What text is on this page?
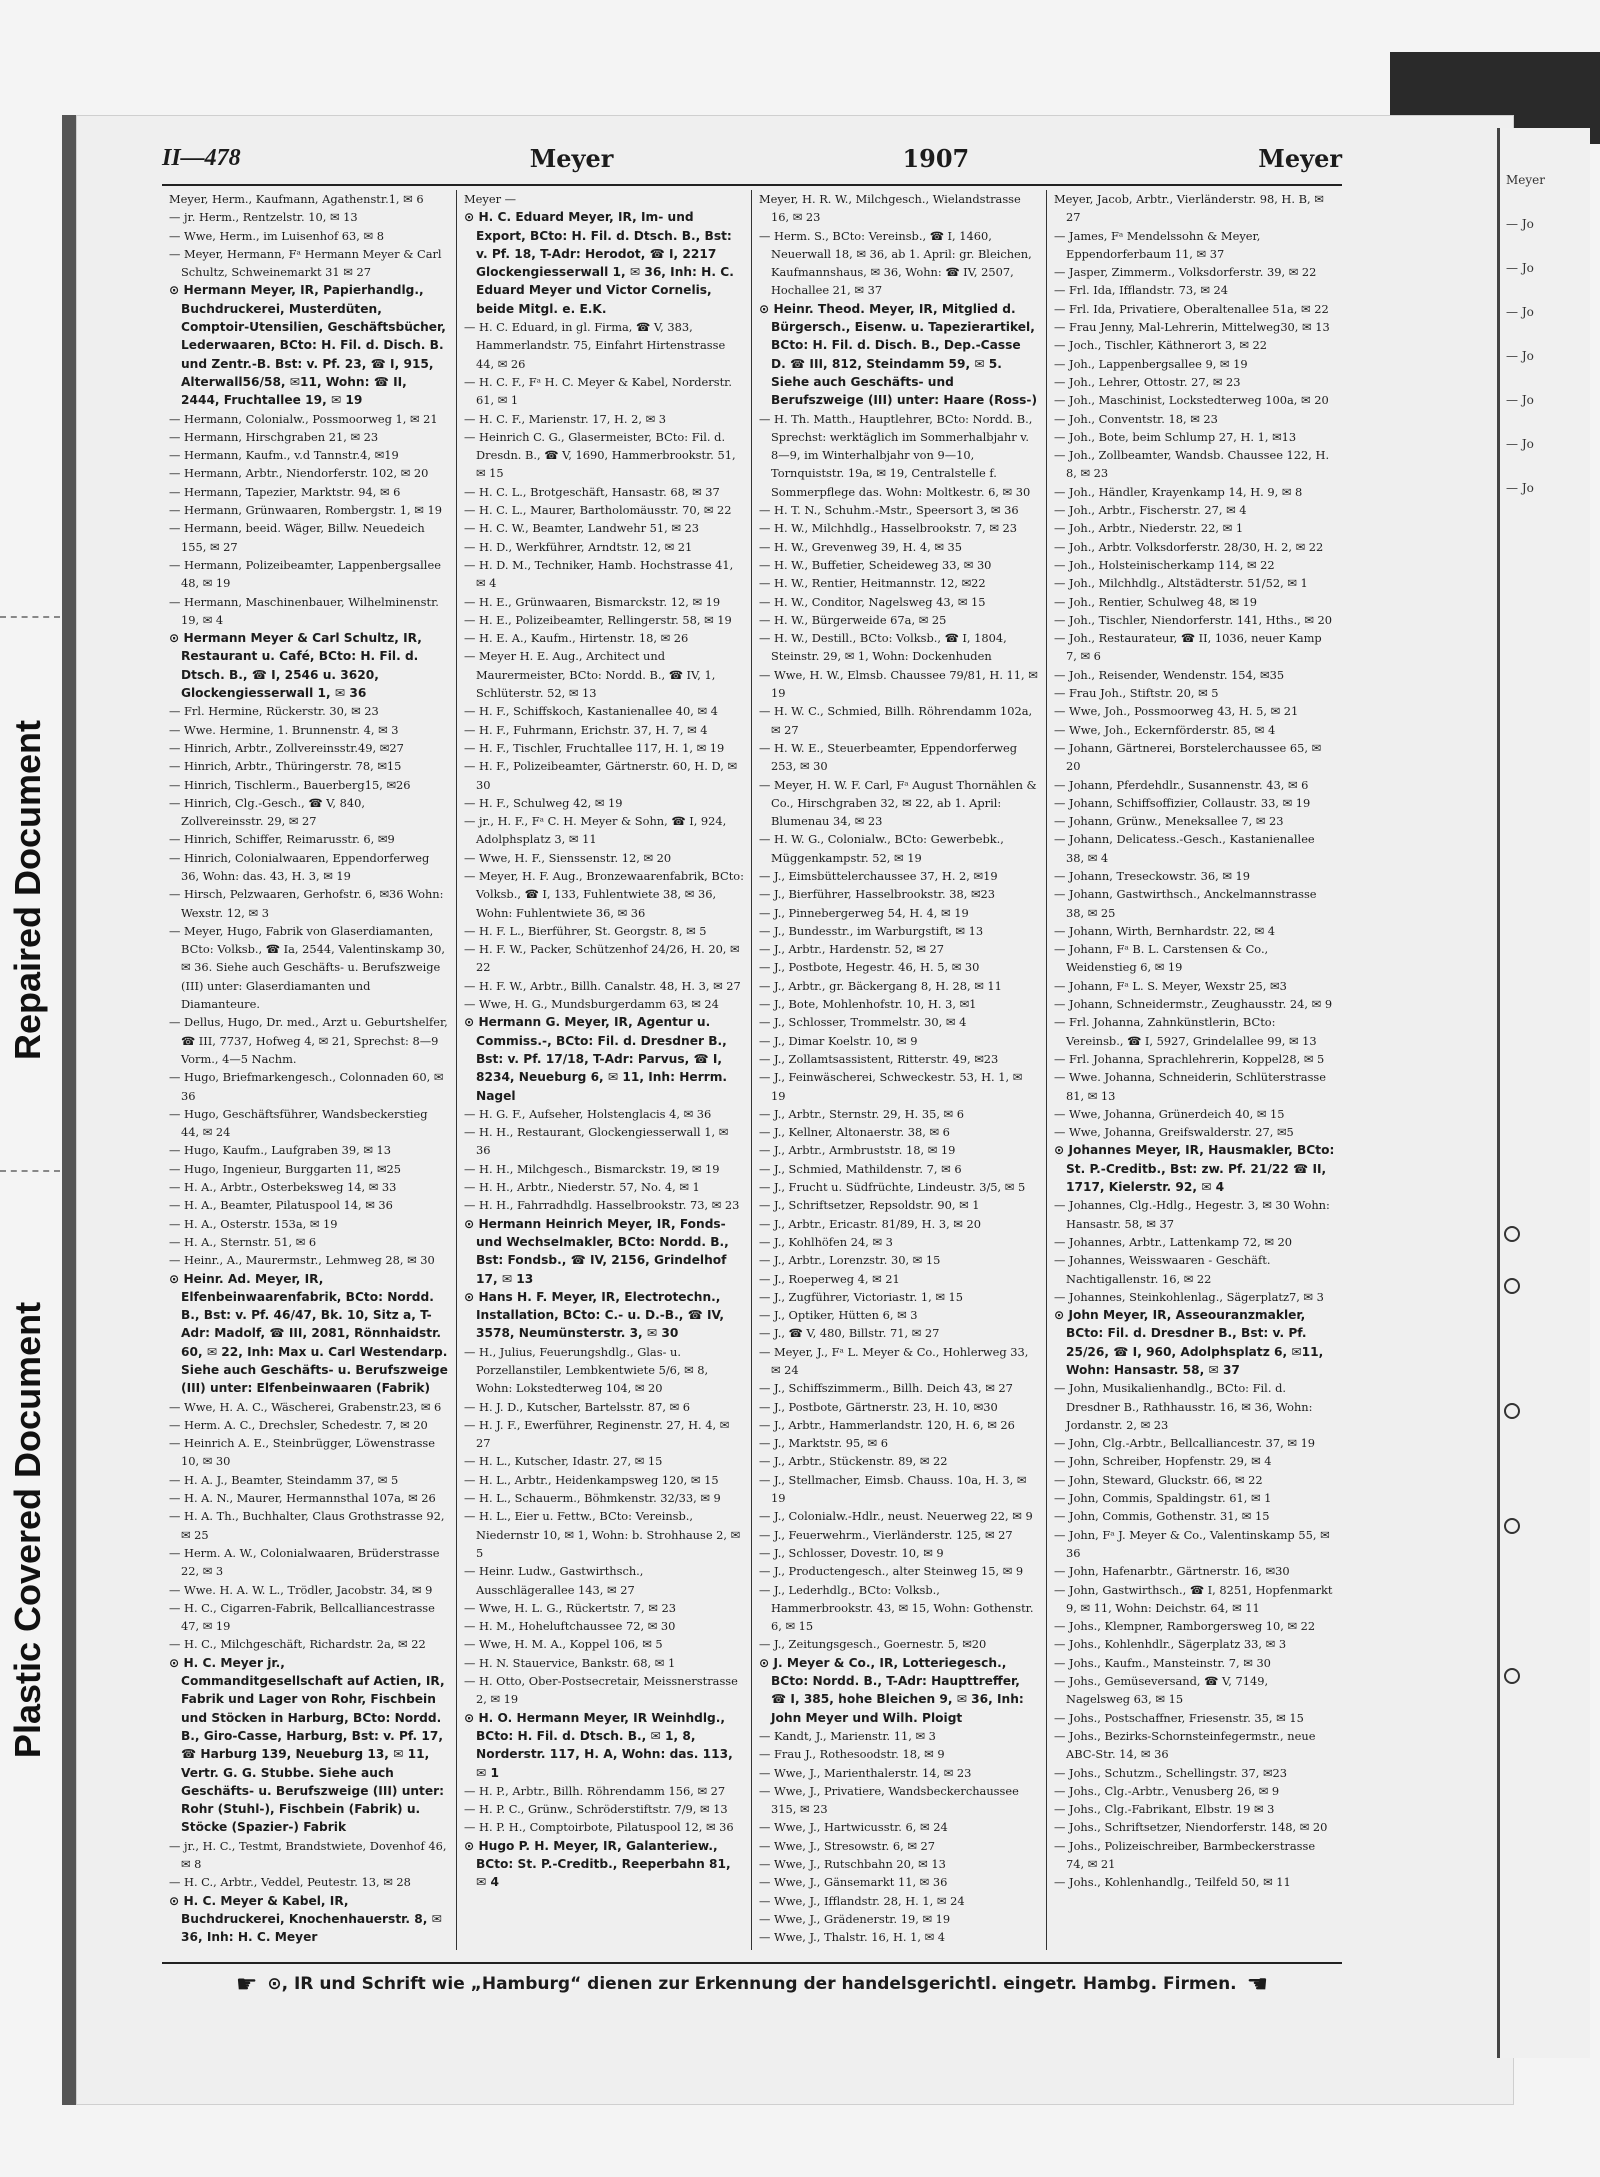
Repaired Document
Plastic Covered Document
Meyer
— Jo
— Jo
— Jo
— Jo
— Jo
— Jo
— Jo
II—478	Meyer	1907	Meyer

Meyer, Herm., Kaufmann, Agathenstr.1, ✉ 6

— jr. Herm., Rentzelstr. 10, ✉ 13

— Wwe, Herm., im Luisenhof 63, ✉ 8

— Meyer, Hermann, Fᵃ Hermann Meyer & Carl Schultz, Schweinemarkt 31 ✉ 27

⊙ Hermann Meyer, IR, Papierhandlg., Buchdruckerei, Musterdüten, Comptoir-Utensilien, Geschäftsbücher, Lederwaaren, BCto: H. Fil. d. Disch. B. und Zentr.-B. Bst: v. Pf. 23, ☎ I, 915, Alterwall56/58, ✉11, Wohn: ☎ II, 2444, Fruchtallee 19, ✉ 19

— Hermann, Colonialw., Possmoorweg 1, ✉ 21

— Hermann, Hirschgraben 21, ✉ 23

— Hermann, Kaufm., v.d Tannstr.4, ✉19

— Hermann, Arbtr., Niendorferstr. 102, ✉ 20

— Hermann, Tapezier, Marktstr. 94, ✉ 6

— Hermann, Grünwaaren, Rombergstr. 1, ✉ 19

— Hermann, beeid. Wäger, Billw. Neuedeich 155, ✉ 27

— Hermann, Polizeibeamter, Lappenbergsallee 48, ✉ 19

— Hermann, Maschinenbauer, Wilhelminenstr. 19, ✉ 4

⊙ Hermann Meyer & Carl Schultz, IR, Restaurant u. Café, BCto: H. Fil. d. Dtsch. B., ☎ I, 2546 u. 3620, Glockengiesserwall 1, ✉ 36

— Frl. Hermine, Rückerstr. 30, ✉ 23

— Wwe. Hermine, 1. Brunnenstr. 4, ✉ 3

— Hinrich, Arbtr., Zollvereinsstr.49, ✉27

— Hinrich, Arbtr., Thüringerstr. 78, ✉15

— Hinrich, Tischlerm., Bauerberg15, ✉26

— Hinrich, Clg.-Gesch., ☎ V, 840, Zollvereinsstr. 29, ✉ 27

— Hinrich, Schiffer, Reimarusstr. 6, ✉9

— Hinrich, Colonialwaaren, Eppendorferweg 36, Wohn: das. 43, H. 3, ✉ 19

— Hirsch, Pelzwaaren, Gerhofstr. 6, ✉36 Wohn: Wexstr. 12, ✉ 3

— Meyer, Hugo, Fabrik von Glaserdiamanten, BCto: Volksb., ☎ Ia, 2544, Valentinskamp 30, ✉ 36. Siehe auch Geschäfts- u. Berufszweige (III) unter: Glaserdiamanten und Diamanteure.

— Dellus, Hugo, Dr. med., Arzt u. Geburtshelfer, ☎ III, 7737, Hofweg 4, ✉ 21, Sprechst: 8—9 Vorm., 4—5 Nachm.

— Hugo, Briefmarkengesch., Colonnaden 60, ✉ 36

— Hugo, Geschäftsführer, Wandsbeckerstieg 44, ✉ 24

— Hugo, Kaufm., Laufgraben 39, ✉ 13

— Hugo, Ingenieur, Burggarten 11, ✉25

— H. A., Arbtr., Osterbeksweg 14, ✉ 33

— H. A., Beamter, Pilatuspool 14, ✉ 36

— H. A., Osterstr. 153a, ✉ 19

— H. A., Sternstr. 51, ✉ 6

— Heinr., A., Maurermstr., Lehmweg 28, ✉ 30

⊙ Heinr. Ad. Meyer, IR, Elfenbeinwaarenfabrik, BCto: Nordd. B., Bst: v. Pf. 46/47, Bk. 10, Sitz a, T-Adr: Madolf, ☎ III, 2081, Rönnhaidstr. 60, ✉ 22, Inh: Max u. Carl Westendarp. Siehe auch Geschäfts- u. Berufszweige (III) unter: Elfenbeinwaaren (Fabrik)

— Wwe, H. A. C., Wäscherei, Grabenstr.23, ✉ 6

— Herm. A. C., Drechsler, Schedestr. 7, ✉ 20

— Heinrich A. E., Steinbrügger, Löwenstrasse 10, ✉ 30

— H. A. J., Beamter, Steindamm 37, ✉ 5

— H. A. N., Maurer, Hermannsthal 107a, ✉ 26

— H. A. Th., Buchhalter, Claus Grothstrasse 92, ✉ 25

— Herm. A. W., Colonialwaaren, Brüderstrasse 22, ✉ 3

— Wwe. H. A. W. L., Trödler, Jacobstr. 34, ✉ 9

— H. C., Cigarren-Fabrik, Bellcalliancestrasse 47, ✉ 19

— H. C., Milchgeschäft, Richardstr. 2a, ✉ 22

⊙ H. C. Meyer jr., Commanditgesellschaft auf Actien, IR, Fabrik und Lager von Rohr, Fischbein und Stöcken in Harburg, BCto: Nordd. B., Giro-Casse, Harburg, Bst: v. Pf. 17, ☎ Harburg 139, Neueburg 13, ✉ 11, Vertr. G. G. Stubbe. Siehe auch Geschäfts- u. Berufszweige (III) unter: Rohr (Stuhl-), Fischbein (Fabrik) u. Stöcke (Spazier-) Fabrik

— jr., H. C., Testmt, Brandstwiete, Dovenhof 46, ✉ 8

— H. C., Arbtr., Veddel, Peutestr. 13, ✉ 28

⊙ H. C. Meyer & Kabel, IR, Buchdruckerei, Knochenhauerstr. 8, ✉ 36, Inh: H. C. Meyer

Meyer —

⊙ H. C. Eduard Meyer, IR, Im- und Export, BCto: H. Fil. d. Dtsch. B., Bst: v. Pf. 18, T-Adr: Herodot, ☎ I, 2217 Glockengiesserwall 1, ✉ 36, Inh: H. C. Eduard Meyer und Victor Cornelis, beide Mitgl. e. E.K.

— H. C. Eduard, in gl. Firma, ☎ V, 383, Hammerlandstr. 75, Einfahrt Hirtenstrasse 44, ✉ 26

— H. C. F., Fᵃ H. C. Meyer & Kabel, Norderstr. 61, ✉ 1

— H. C. F., Marienstr. 17, H. 2, ✉ 3

— Heinrich C. G., Glasermeister, BCto: Fil. d. Dresdn. B., ☎ V, 1690, Hammerbrookstr. 51, ✉ 15

— H. C. L., Brotgeschäft, Hansastr. 68, ✉ 37

— H. C. L., Maurer, Bartholomäusstr. 70, ✉ 22

— H. C. W., Beamter, Landwehr 51, ✉ 23

— H. D., Werkführer, Arndtstr. 12, ✉ 21

— H. D. M., Techniker, Hamb. Hochstrasse 41, ✉ 4

— H. E., Grünwaaren, Bismarckstr. 12, ✉ 19

— H. E., Polizeibeamter, Rellingerstr. 58, ✉ 19

— H. E. A., Kaufm., Hirtenstr. 18, ✉ 26

— Meyer H. E. Aug., Architect und Maurermeister, BCto: Nordd. B., ☎ IV, 1, Schlüterstr. 52, ✉ 13

— H. F., Schiffskoch, Kastanienallee 40, ✉ 4

— H. F., Fuhrmann, Erichstr. 37, H. 7, ✉ 4

— H. F., Tischler, Fruchtallee 117, H. 1, ✉ 19

— H. F., Polizeibeamter, Gärtnerstr. 60, H. D, ✉ 30

— H. F., Schulweg 42, ✉ 19

— jr., H. F., Fᵃ C. H. Meyer & Sohn, ☎ I, 924, Adolphsplatz 3, ✉ 11

— Wwe, H. F., Sienssenstr. 12, ✉ 20

— Meyer, H. F. Aug., Bronzewaarenfabrik, BCto: Volksb., ☎ I, 133, Fuhlentwiete 38, ✉ 36, Wohn: Fuhlentwiete 36, ✉ 36

— H. F. L., Bierführer, St. Georgstr. 8, ✉ 5

— H. F. W., Packer, Schützenhof 24/26, H. 20, ✉ 22

— H. F. W., Arbtr., Billh. Canalstr. 48, H. 3, ✉ 27

— Wwe, H. G., Mundsburgerdamm 63, ✉ 24

⊙ Hermann G. Meyer, IR, Agentur u. Commiss.-, BCto: Fil. d. Dresdner B., Bst: v. Pf. 17/18, T-Adr: Parvus, ☎ I, 8234, Neueburg 6, ✉ 11, Inh: Herrm. Nagel

— H. G. F., Aufseher, Holstenglacis 4, ✉ 36

— H. H., Restaurant, Glockengiesserwall 1, ✉ 36

— H. H., Milchgesch., Bismarckstr. 19, ✉ 19

— H. H., Arbtr., Niederstr. 57, No. 4, ✉ 1

— H. H., Fahrradhdlg. Hasselbrookstr. 73, ✉ 23

⊙ Hermann Heinrich Meyer, IR, Fonds- und Wechselmakler, BCto: Nordd. B., Bst: Fondsb., ☎ IV, 2156, Grindelhof 17, ✉ 13

⊙ Hans H. F. Meyer, IR, Electrotechn., Installation, BCto: C.- u. D.-B., ☎ IV, 3578, Neumünsterstr. 3, ✉ 30

— H., Julius, Feuerungshdlg., Glas- u. Porzellanstiler, Lembkentwiete 5/6, ✉ 8, Wohn: Lokstedterweg 104, ✉ 20

— H. J. D., Kutscher, Bartelsstr. 87, ✉ 6

— H. J. F., Ewerführer, Reginenstr. 27, H. 4, ✉ 27

— H. L., Kutscher, Idastr. 27, ✉ 15

— H. L., Arbtr., Heidenkampsweg 120, ✉ 15

— H. L., Schauerm., Böhmkenstr. 32/33, ✉ 9

— H. L., Eier u. Fettw., BCto: Vereinsb., Niedernstr 10, ✉ 1, Wohn: b. Strohhause 2, ✉ 5

— Heinr. Ludw., Gastwirthsch., Ausschlägerallee 143, ✉ 27

— Wwe, H. L. G., Rückertstr. 7, ✉ 23

— H. M., Hoheluftchaussee 72, ✉ 30

— Wwe, H. M. A., Koppel 106, ✉ 5

— H. N. Stauervice, Bankstr. 68, ✉ 1

— H. Otto, Ober-Postsecretair, Meissnerstrasse 2, ✉ 19

⊙ H. O. Hermann Meyer, IR Weinhdlg., BCto: H. Fil. d. Dtsch. B., ✉ 1, 8, Norderstr. 117, H. A, Wohn: das. 113, ✉ 1

— H. P., Arbtr., Billh. Röhrendamm 156, ✉ 27

— H. P. C., Grünw., Schröderstiftstr. 7/9, ✉ 13

— H. P. H., Comptoirbote, Pilatuspool 12, ✉ 36

⊙ Hugo P. H. Meyer, IR, Galanteriew., BCto: St. P.-Creditb., Reeperbahn 81, ✉ 4

Meyer, H. R. W., Milchgesch., Wielandstrasse 16, ✉ 23

— Herm. S., BCto: Vereinsb., ☎ I, 1460, Neuerwall 18, ✉ 36, ab 1. April: gr. Bleichen, Kaufmannshaus, ✉ 36, Wohn: ☎ IV, 2507, Hochallee 21, ✉ 37

⊙ Heinr. Theod. Meyer, IR, Mitglied d. Bürgersch., Eisenw. u. Tapezierartikel, BCto: H. Fil. d. Disch. B., Dep.-Casse D. ☎ III, 812, Steindamm 59, ✉ 5. Siehe auch Geschäfts- und Berufszweige (III) unter: Haare (Ross-)

— H. Th. Matth., Hauptlehrer, BCto: Nordd. B., Sprechst: werktäglich im Sommerhalbjahr v. 8—9, im Winterhalbjahr von 9—10, Tornquiststr. 19a, ✉ 19, Centralstelle f. Sommerpflege das. Wohn: Moltkestr. 6, ✉ 30

— H. T. N., Schuhm.-Mstr., Speersort 3, ✉ 36

— H. W., Milchhdlg., Hasselbrookstr. 7, ✉ 23

— H. W., Grevenweg 39, H. 4, ✉ 35

— H. W., Buffetier, Scheideweg 33, ✉ 30

— H. W., Rentier, Heitmannstr. 12, ✉22

— H. W., Conditor, Nagelsweg 43, ✉ 15

— H. W., Bürgerweide 67a, ✉ 25

— H. W., Destill., BCto: Volksb., ☎ I, 1804, Steinstr. 29, ✉ 1, Wohn: Dockenhuden

— Wwe, H. W., Elmsb. Chaussee 79/81, H. 11, ✉ 19

— H. W. C., Schmied, Billh. Röhrendamm 102a, ✉ 27

— H. W. E., Steuerbeamter, Eppendorferweg 253, ✉ 30

— Meyer, H. W. F. Carl, Fᵃ August Thornählen & Co., Hirschgraben 32, ✉ 22, ab 1. April: Blumenau 34, ✉ 23

— H. W. G., Colonialw., BCto: Gewerbebk., Müggenkampstr. 52, ✉ 19

— J., Eimsbüttelerchaussee 37, H. 2, ✉19

— J., Bierführer, Hasselbrookstr. 38, ✉23

— J., Pinnebergerweg 54, H. 4, ✉ 19

— J., Bundesstr., im Warburgstift, ✉ 13

— J., Arbtr., Hardenstr. 52, ✉ 27

— J., Postbote, Hegestr. 46, H. 5, ✉ 30

— J., Arbtr., gr. Bäckergang 8, H. 28, ✉ 11

— J., Bote, Mohlenhofstr. 10, H. 3, ✉1

— J., Schlosser, Trommelstr. 30, ✉ 4

— J., Dimar Koelstr. 10, ✉ 9

— J., Zollamtsassistent, Ritterstr. 49, ✉23

— J., Feinwäscherei, Schweckestr. 53, H. 1, ✉ 19

— J., Arbtr., Sternstr. 29, H. 35, ✉ 6

— J., Kellner, Altonaerstr. 38, ✉ 6

— J., Arbtr., Armbruststr. 18, ✉ 19

— J., Schmied, Mathildenstr. 7, ✉ 6

— J., Frucht u. Südfrüchte, Lindeustr. 3/5, ✉ 5

— J., Schriftsetzer, Repsoldstr. 90, ✉ 1

— J., Arbtr., Ericastr. 81/89, H. 3, ✉ 20

— J., Kohlhöfen 24, ✉ 3

— J., Arbtr., Lorenzstr. 30, ✉ 15

— J., Roeperweg 4, ✉ 21

— J., Zugführer, Victoriastr. 1, ✉ 15

— J., Optiker, Hütten 6, ✉ 3

— J., ☎ V, 480, Billstr. 71, ✉ 27

— Meyer, J., Fᵃ L. Meyer & Co., Hohlerweg 33, ✉ 24

— J., Schiffszimmerm., Billh. Deich 43, ✉ 27

— J., Postbote, Gärtnerstr. 23, H. 10, ✉30

— J., Arbtr., Hammerlandstr. 120, H. 6, ✉ 26

— J., Marktstr. 95, ✉ 6

— J., Arbtr., Stückenstr. 89, ✉ 22

— J., Stellmacher, Eimsb. Chauss. 10a, H. 3, ✉ 19

— J., Colonialw.-Hdlr., neust. Neuerweg 22, ✉ 9

— J., Feuerwehrm., Vierländerstr. 125, ✉ 27

— J., Schlosser, Dovestr. 10, ✉ 9

— J., Productengesch., alter Steinweg 15, ✉ 9

— J., Lederhdlg., BCto: Volksb., Hammerbrookstr. 43, ✉ 15, Wohn: Gothenstr. 6, ✉ 15

— J., Zeitungsgesch., Goernestr. 5, ✉20

⊙ J. Meyer & Co., IR, Lotteriegesch., BCto: Nordd. B., T-Adr: Haupttreffer, ☎ I, 385, hohe Bleichen 9, ✉ 36, Inh: John Meyer und Wilh. Ploigt

— Kandt, J., Marienstr. 11, ✉ 3

— Frau J., Rothesoodstr. 18, ✉ 9

— Wwe, J., Marienthalerstr. 14, ✉ 23

— Wwe, J., Privatiere, Wandsbeckerchaussee 315, ✉ 23

— Wwe, J., Hartwicusstr. 6, ✉ 24

— Wwe, J., Stresowstr. 6, ✉ 27

— Wwe, J., Rutschbahn 20, ✉ 13

— Wwe, J., Gänsemarkt 11, ✉ 36

— Wwe, J., Ifflandstr. 28, H. 1, ✉ 24

— Wwe, J., Grädenerstr. 19, ✉ 19

— Wwe, J., Thalstr. 16, H. 1, ✉ 4

Meyer, Jacob, Arbtr., Vierländerstr. 98, H. B, ✉ 27

— James, Fᵃ Mendelssohn & Meyer, Eppendorferbaum 11, ✉ 37

— Jasper, Zimmerm., Volksdorferstr. 39, ✉ 22

— Frl. Ida, Ifflandstr. 73, ✉ 24

— Frl. Ida, Privatiere, Oberaltenallee 51a, ✉ 22

— Frau Jenny, Mal-Lehrerin, Mittelweg30, ✉ 13

— Joch., Tischler, Käthnerort 3, ✉ 22

— Joh., Lappenbergsallee 9, ✉ 19

— Joh., Lehrer, Ottostr. 27, ✉ 23

— Joh., Maschinist, Lockstedterweg 100a, ✉ 20

— Joh., Conventstr. 18, ✉ 23

— Joh., Bote, beim Schlump 27, H. 1, ✉13

— Joh., Zollbeamter, Wandsb. Chaussee 122, H. 8, ✉ 23

— Joh., Händler, Krayenkamp 14, H. 9, ✉ 8

— Joh., Arbtr., Fischerstr. 27, ✉ 4

— Joh., Arbtr., Niederstr. 22, ✉ 1

— Joh., Arbtr. Volksdorferstr. 28/30, H. 2, ✉ 22

— Joh., Holsteinischerkamp 114, ✉ 22

— Joh., Milchhdlg., Altstädterstr. 51/52, ✉ 1

— Joh., Rentier, Schulweg 48, ✉ 19

— Joh., Tischler, Niendorferstr. 141, Hths., ✉ 20

— Joh., Restaurateur, ☎ II, 1036, neuer Kamp 7, ✉ 6

— Joh., Reisender, Wendenstr. 154, ✉35

— Frau Joh., Stiftstr. 20, ✉ 5

— Wwe, Joh., Possmoorweg 43, H. 5, ✉ 21

— Wwe, Joh., Eckernförderstr. 85, ✉ 4

— Johann, Gärtnerei, Borstelerchaussee 65, ✉ 20

— Johann, Pferdehdlr., Susannenstr. 43, ✉ 6

— Johann, Schiffsoffizier, Collaustr. 33, ✉ 19

— Johann, Grünw., Meneksallee 7, ✉ 23

— Johann, Delicatess.-Gesch., Kastanienallee 38, ✉ 4

— Johann, Treseckowstr. 36, ✉ 19

— Johann, Gastwirthsch., Anckelmannstrasse 38, ✉ 25

— Johann, Wirth, Bernhardstr. 22, ✉ 4

— Johann, Fᵃ B. L. Carstensen & Co., Weidenstieg 6, ✉ 19

— Johann, Fᵃ L. S. Meyer, Wexstr 25, ✉3

— Johann, Schneidermstr., Zeughausstr. 24, ✉ 9

— Frl. Johanna, Zahnkünstlerin, BCto: Vereinsb., ☎ I, 5927, Grindelallee 99, ✉ 13

— Frl. Johanna, Sprachlehrerin, Koppel28, ✉ 5

— Wwe. Johanna, Schneiderin, Schlüterstrasse 81, ✉ 13

— Wwe, Johanna, Grünerdeich 40, ✉ 15

— Wwe, Johanna, Greifswalderstr. 27, ✉5

⊙ Johannes Meyer, IR, Hausmakler, BCto: St. P.-Creditb., Bst: zw. Pf. 21/22 ☎ II, 1717, Kielerstr. 92, ✉ 4

— Johannes, Clg.-Hdlg., Hegestr. 3, ✉ 30 Wohn: Hansastr. 58, ✉ 37

— Johannes, Arbtr., Lattenkamp 72, ✉ 20

— Johannes, Weisswaaren - Geschäft. Nachtigallenstr. 16, ✉ 22

— Johannes, Steinkohlenlag., Sägerplatz7, ✉ 3

⊙ John Meyer, IR, Asseouranzmakler, BCto: Fil. d. Dresdner B., Bst: v. Pf. 25/26, ☎ I, 960, Adolphsplatz 6, ✉11, Wohn: Hansastr. 58, ✉ 37

— John, Musikalienhandlg., BCto: Fil. d. Dresdner B., Rathhausstr. 16, ✉ 36, Wohn: Jordanstr. 2, ✉ 23

— John, Clg.-Arbtr., Bellcalliancestr. 37, ✉ 19

— John, Schreiber, Hopfenstr. 29, ✉ 4

— John, Steward, Gluckstr. 66, ✉ 22

— John, Commis, Spaldingstr. 61, ✉ 1

— John, Commis, Gothenstr. 31, ✉ 15

— John, Fᵃ J. Meyer & Co., Valentinskamp 55, ✉ 36

— John, Hafenarbtr., Gärtnerstr. 16, ✉30

— John, Gastwirthsch., ☎ I, 8251, Hopfenmarkt 9, ✉ 11, Wohn: Deichstr. 64, ✉ 11

— Johs., Klempner, Ramborgersweg 10, ✉ 22

— Johs., Kohlenhdlr., Sägerplatz 33, ✉ 3

— Johs., Kaufm., Mansteinstr. 7, ✉ 30

— Johs., Gemüseversand, ☎ V, 7149, Nagelsweg 63, ✉ 15

— Johs., Postschaffner, Friesenstr. 35, ✉ 15

— Johs., Bezirks-Schornsteinfegermstr., neue ABC-Str. 14, ✉ 36

— Johs., Schutzm., Schellingstr. 37, ✉23

— Johs., Clg.-Arbtr., Venusberg 26, ✉ 9

— Johs., Clg.-Fabrikant, Elbstr. 19 ✉ 3

— Johs., Schriftsetzer, Niendorferstr. 148, ✉ 20

— Johs., Polizeischreiber, Barmbeckerstrasse 74, ✉ 21

— Johs., Kohlenhandlg., Teilfeld 50, ✉ 11

☛ ⊙, IR und Schrift wie „Hamburg“ dienen zur Erkennung der handelsgerichtl. eingetr. Hambg. Firmen. ☚
